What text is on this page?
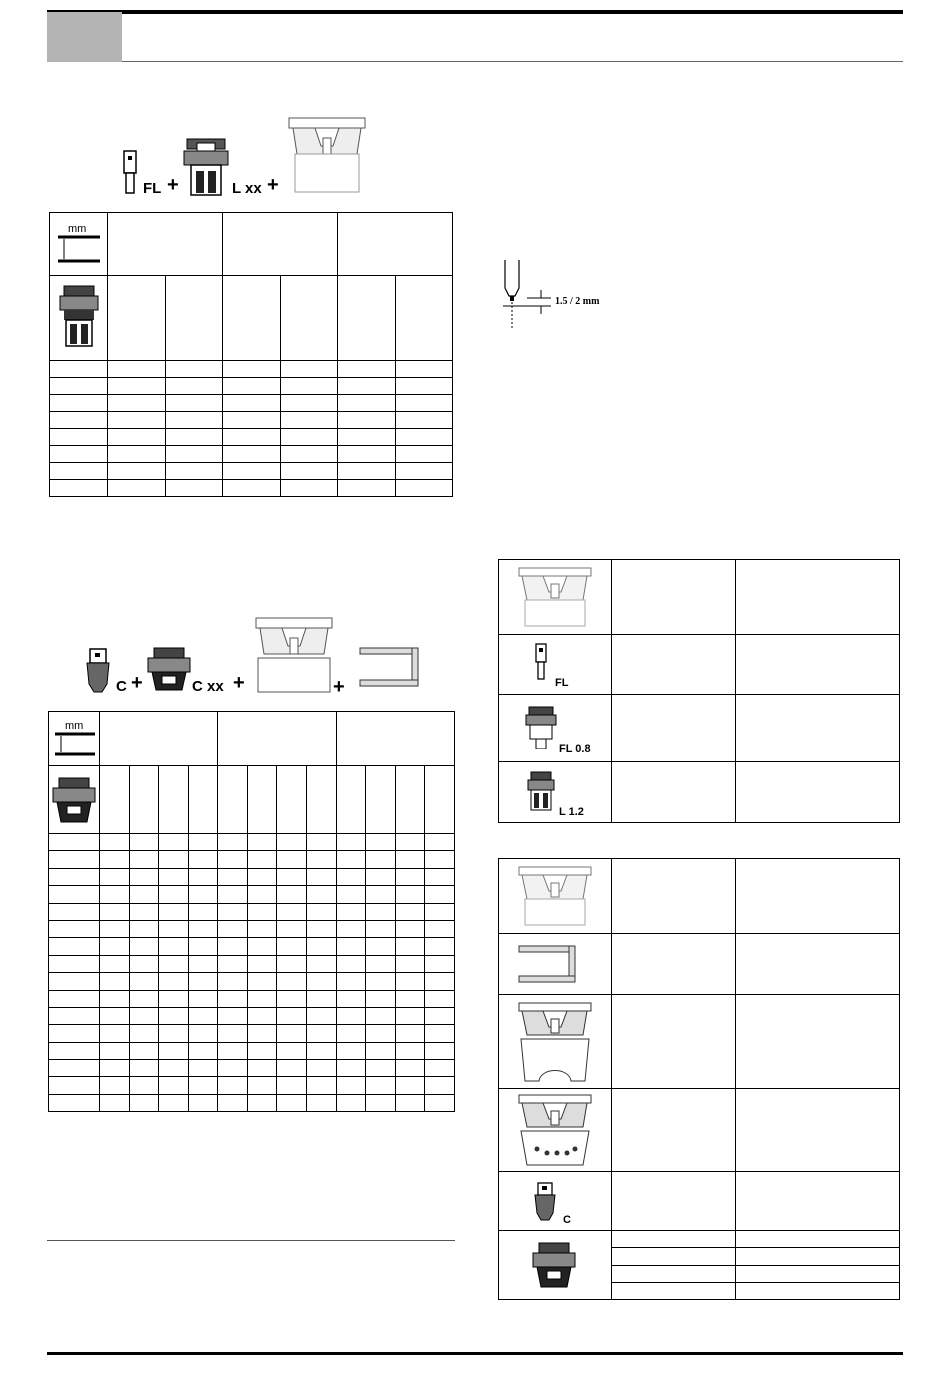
FL +	L xx +
mm						

C +	C xx +	+
mm												

1.5 / 2 mm

FL		

FL 0.8		

L 1.2		

C		
